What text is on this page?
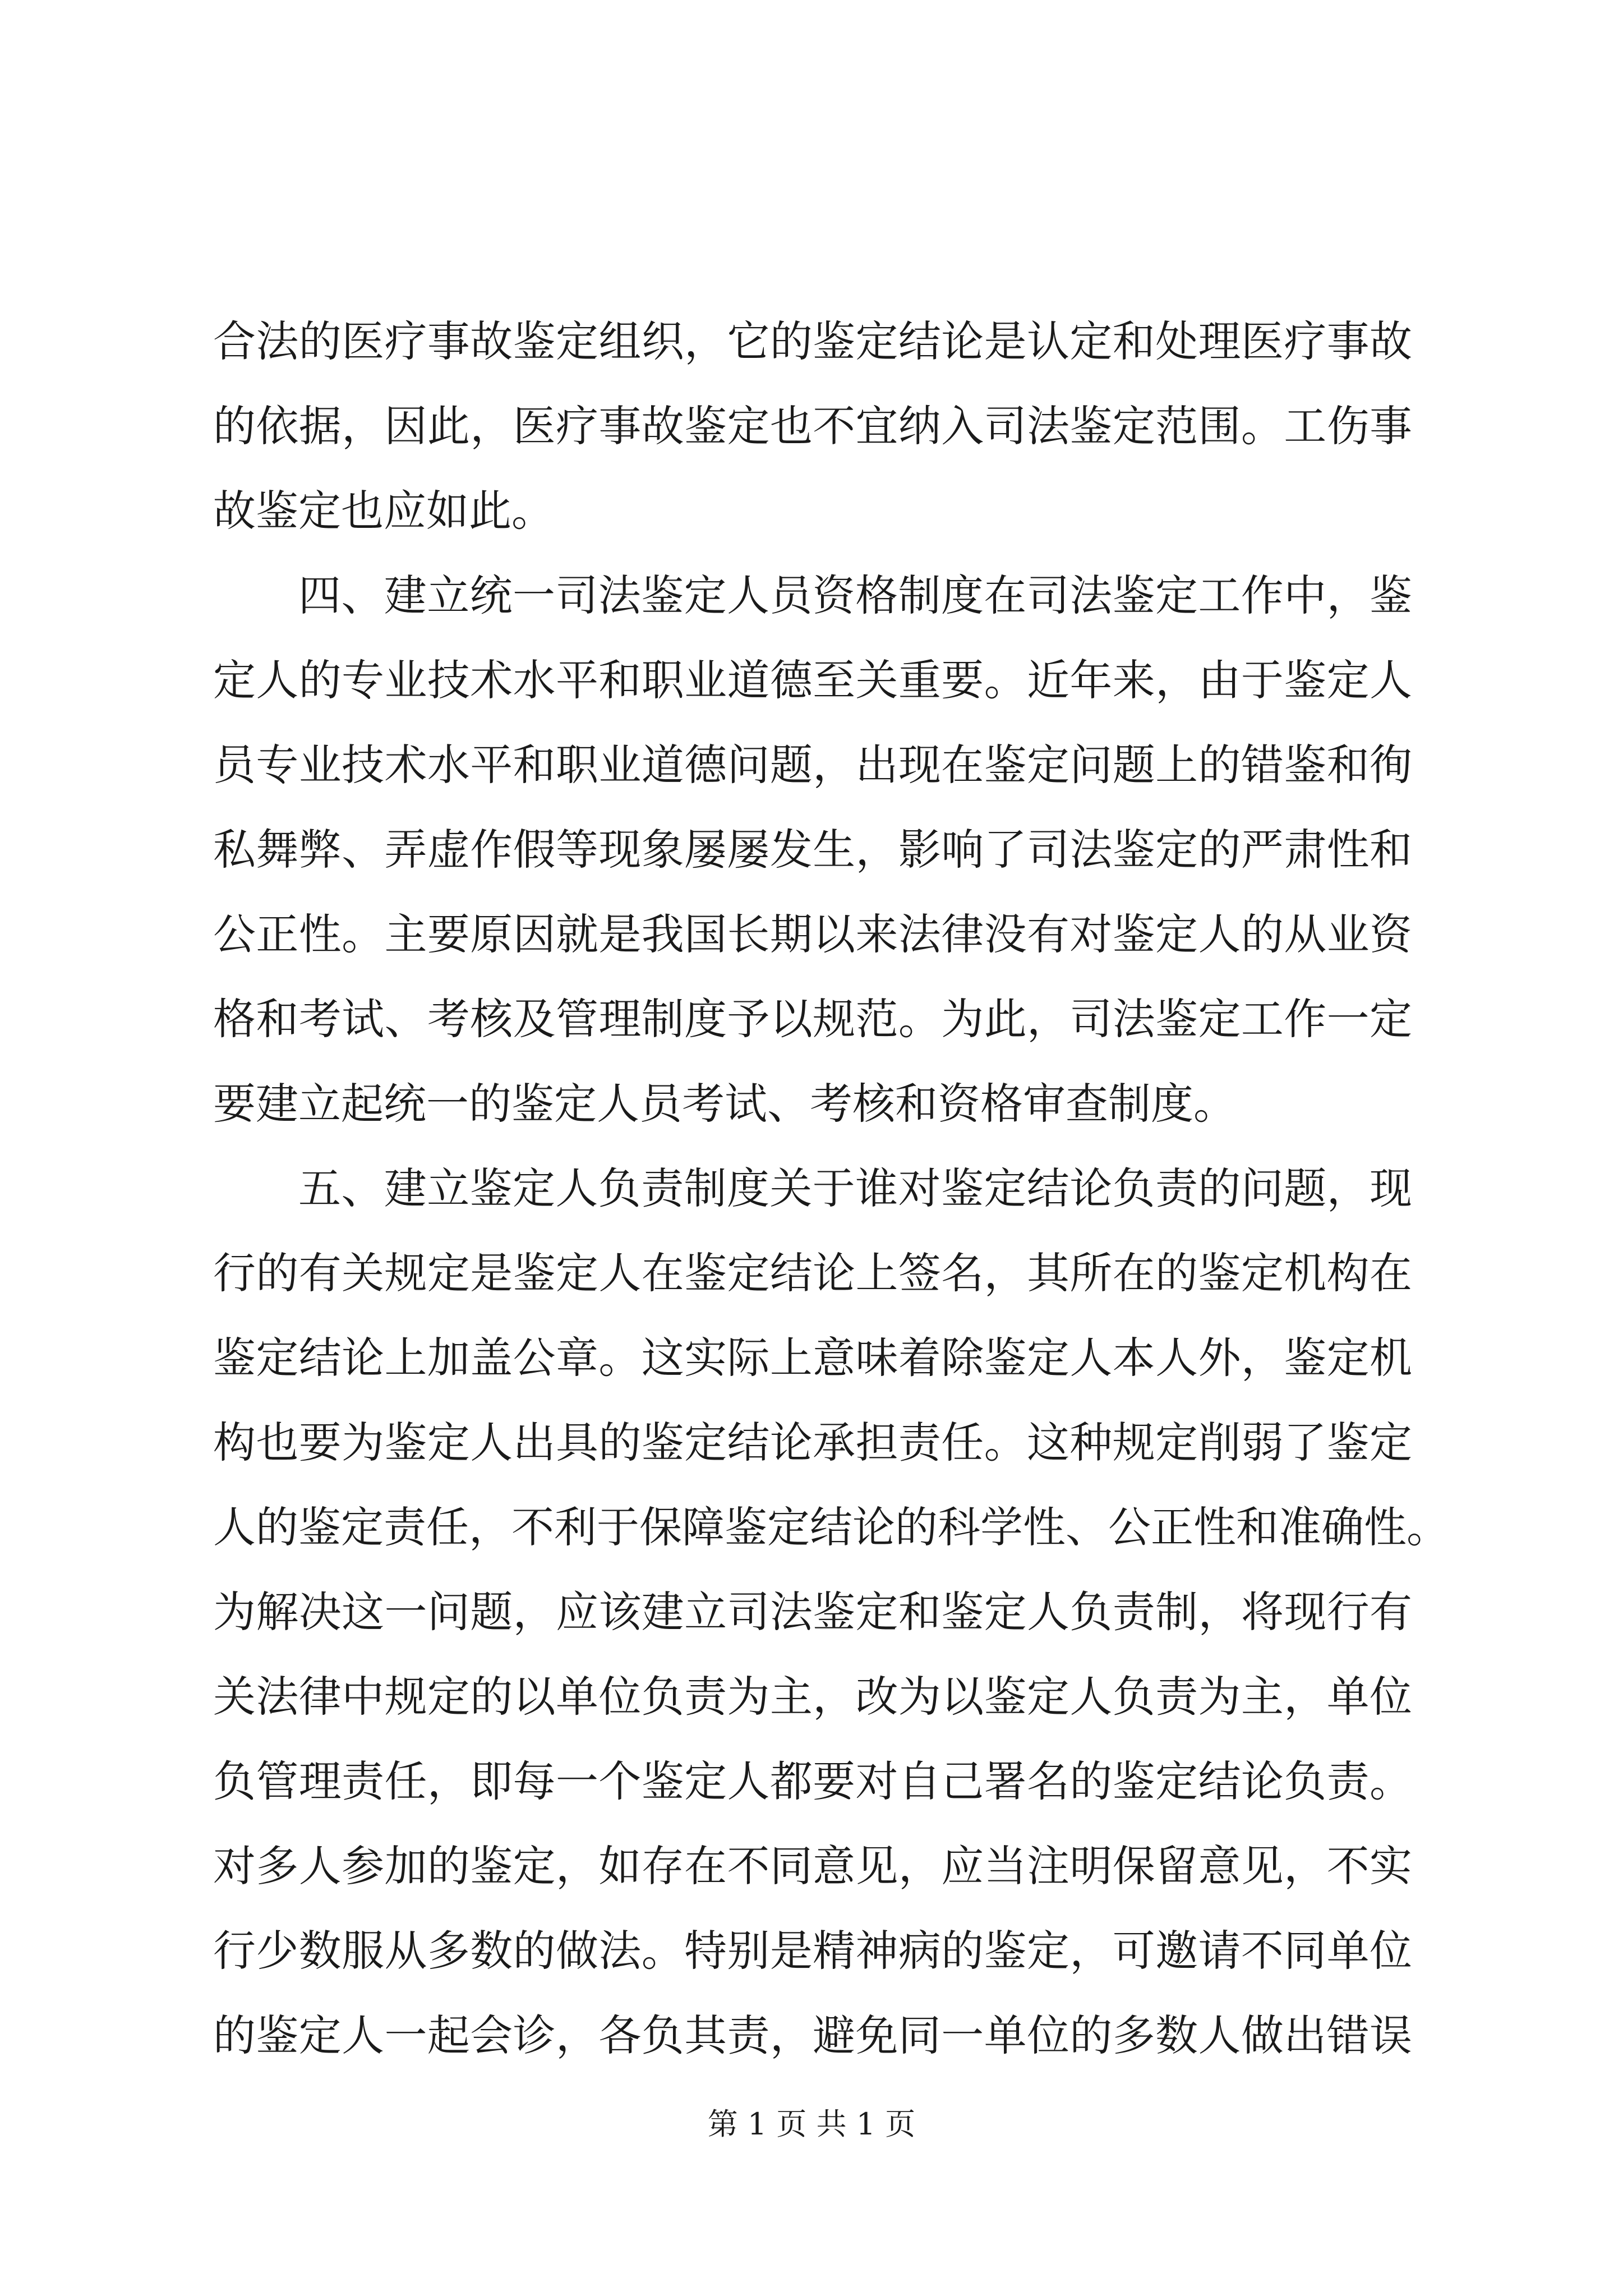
合法的医疗事故鉴定组织，它的鉴定结论是认定和处理医疗事故
的依据，因此，医疗事故鉴定也不宜纳入司法鉴定范围。工伤事
故鉴定也应如此。
四、建立统一司法鉴定人员资格制度在司法鉴定工作中，鉴
定人的专业技术水平和职业道德至关重要。近年来，由于鉴定人
员专业技术水平和职业道德问题，出现在鉴定问题上的错鉴和徇
私舞弊、弄虚作假等现象屡屡发生，影响了司法鉴定的严肃性和
公正性。主要原因就是我国长期以来法律没有对鉴定人的从业资
格和考试、考核及管理制度予以规范。为此，司法鉴定工作一定
要建立起统一的鉴定人员考试、考核和资格审查制度。
五、建立鉴定人负责制度关于谁对鉴定结论负责的问题，现
行的有关规定是鉴定人在鉴定结论上签名，其所在的鉴定机构在
鉴定结论上加盖公章。这实际上意味着除鉴定人本人外，鉴定机
构也要为鉴定人出具的鉴定结论承担责任。这种规定削弱了鉴定
人的鉴定责任，不利于保障鉴定结论的科学性、公正性和准确性。
为解决这一问题，应该建立司法鉴定和鉴定人负责制，将现行有
关法律中规定的以单位负责为主，改为以鉴定人负责为主，单位
负管理责任，即每一个鉴定人都要对自己署名的鉴定结论负责。
对多人参加的鉴定，如存在不同意见，应当注明保留意见，不实
行少数服从多数的做法。特别是精神病的鉴定，可邀请不同单位
的鉴定人一起会诊，各负其责，避免同一单位的多数人做出错误
第 1 页 共 1 页
